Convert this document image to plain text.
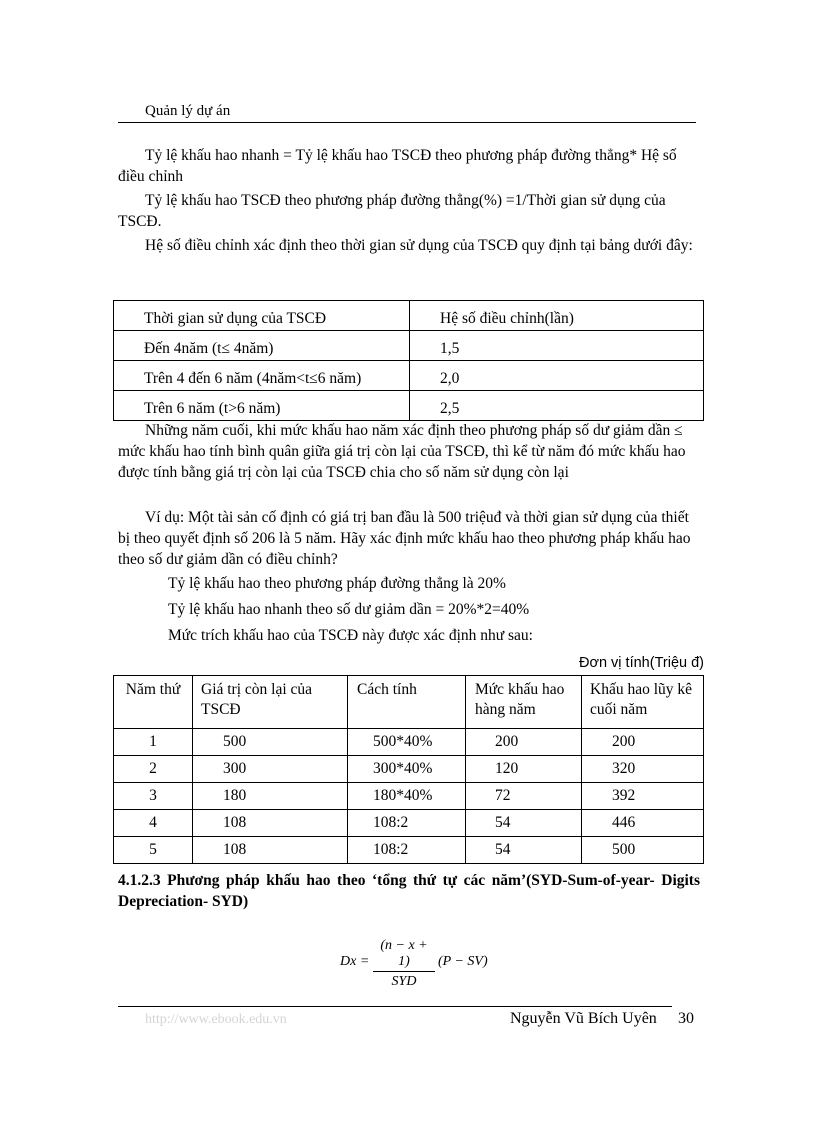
Quản lý dự án
Tỷ lệ khấu hao nhanh = Tỷ lệ khấu hao TSCĐ theo phương pháp đường thẳng* Hệ số điều chỉnh
Tỷ lệ khấu hao TSCĐ theo phương pháp đường thẳng(%) =1/Thời gian sử dụng của TSCĐ.
Hệ số điều chỉnh xác định theo thời gian sử dụng của TSCĐ quy định tại bảng dưới đây:
Thời gian sử dụng của TSCĐ	Hệ số điều chỉnh(lần)
Đến 4năm (t≤ 4năm)	1,5
Trên 4 đến 6 năm (4năm<t≤6 năm)	2,0
Trên 6 năm (t>6 năm)	2,5
Những năm cuối, khi mức khấu hao năm xác định theo phương pháp số dư giảm dần ≤ mức khấu hao tính bình quân giữa giá trị còn lại của TSCĐ, thì kể từ năm đó mức khấu hao được tính bằng giá trị còn lại của TSCĐ chia cho số năm sử dụng còn lại
Ví dụ: Một tài sản cố định có giá trị ban đầu là 500 triệuđ và thời gian sử dụng của thiết bị theo quyết định số 206 là 5 năm. Hãy xác định mức khấu hao theo phương pháp khấu hao theo số dư giảm dần có điều chỉnh?
Tỷ lệ khấu hao theo phương pháp đường thẳng là 20%
Tỷ lệ khấu hao nhanh theo số dư giảm dần = 20%*2=40%
Mức trích khấu hao của TSCĐ này được xác định như sau:
Đơn vị tính(Triệu đ)
Năm thứ	Giá trị còn lại của TSCĐ	Cách tính	Mức khấu hao hàng năm	Khấu hao lũy kê cuối năm
1	500	500*40%	200	200
2	300	300*40%	120	320
3	180	180*40%	72	392
4	108	108:2	54	446
5	108	108:2	54	500
4.1.2.3 Phương pháp khấu hao theo ‘tổng thứ tự các năm’(SYD-Sum-of-year- Digits Depreciation- SYD)
Dx =
(n − x + 1)
SYD
(P − SV)
http://www.ebook.edu.vn	Nguyễn Vũ Bích Uyên 30
